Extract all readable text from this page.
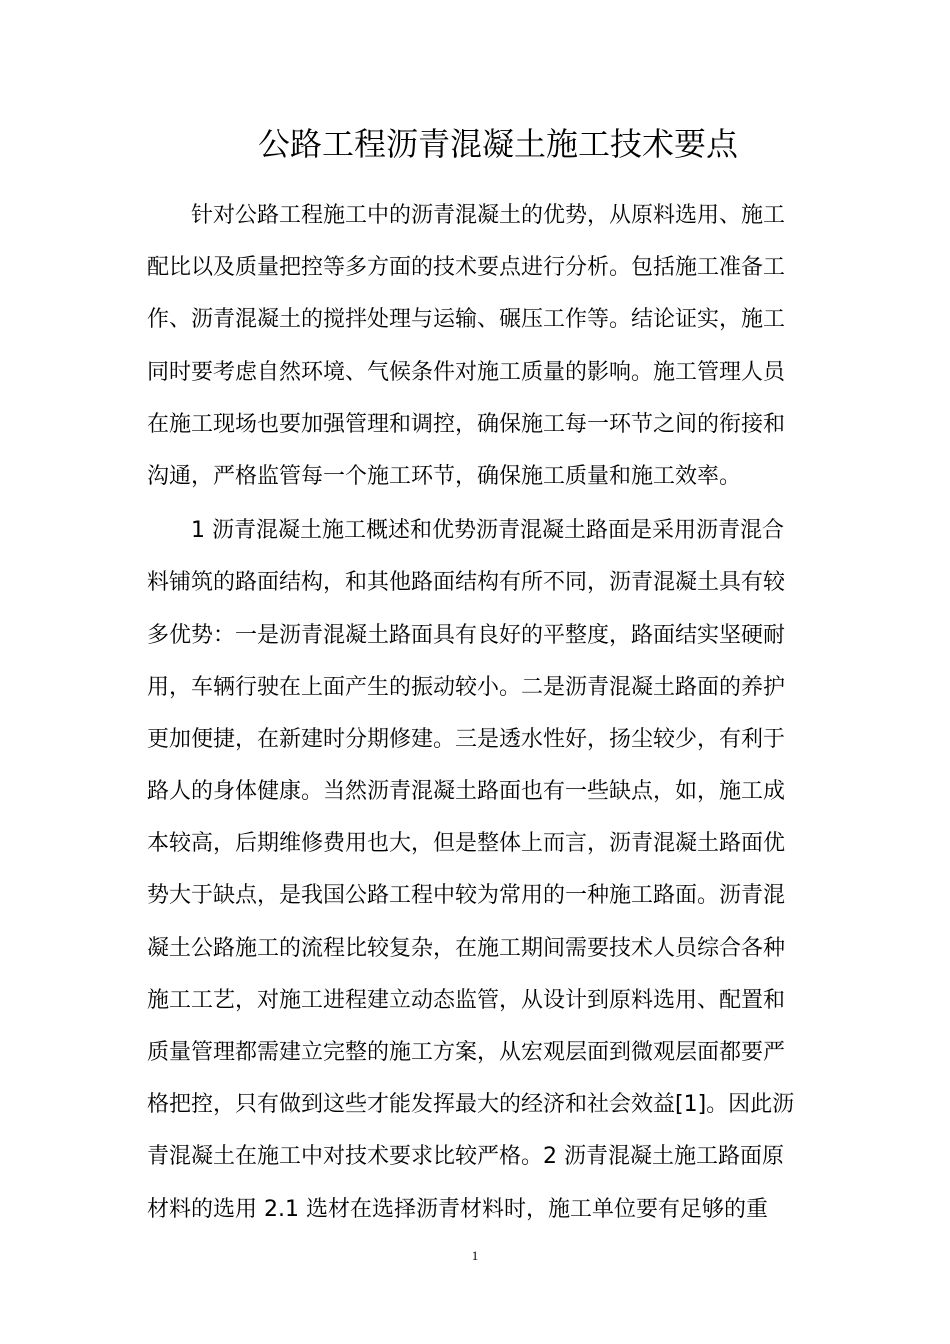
公路工程沥青混凝土施工技术要点
针对公路工程施工中的沥青混凝土的优势，从原料选用、施工
配比以及质量把控等多方面的技术要点进行分析。包括施工准备工
作、沥青混凝土的搅拌处理与运输、碾压工作等。结论证实，施工
同时要考虑自然环境、气候条件对施工质量的影响。施工管理人员
在施工现场也要加强管理和调控，确保施工每一环节之间的衔接和
沟通，严格监管每一个施工环节，确保施工质量和施工效率。
1 沥青混凝土施工概述和优势沥青混凝土路面是采用沥青混合
料铺筑的路面结构，和其他路面结构有所不同，沥青混凝土具有较
多优势：一是沥青混凝土路面具有良好的平整度，路面结实坚硬耐
用，车辆行驶在上面产生的振动较小。二是沥青混凝土路面的养护
更加便捷，在新建时分期修建。三是透水性好，扬尘较少，有利于
路人的身体健康。当然沥青混凝土路面也有一些缺点，如，施工成
本较高，后期维修费用也大，但是整体上而言，沥青混凝土路面优
势大于缺点，是我国公路工程中较为常用的一种施工路面。沥青混
凝土公路施工的流程比较复杂，在施工期间需要技术人员综合各种
施工工艺，对施工进程建立动态监管，从设计到原料选用、配置和
质量管理都需建立完整的施工方案，从宏观层面到微观层面都要严
格把控，只有做到这些才能发挥最大的经济和社会效益[1]。因此沥
青混凝土在施工中对技术要求比较严格。2 沥青混凝土施工路面原
材料的选用 2.1 选材在选择沥青材料时，施工单位要有足够的重
1
